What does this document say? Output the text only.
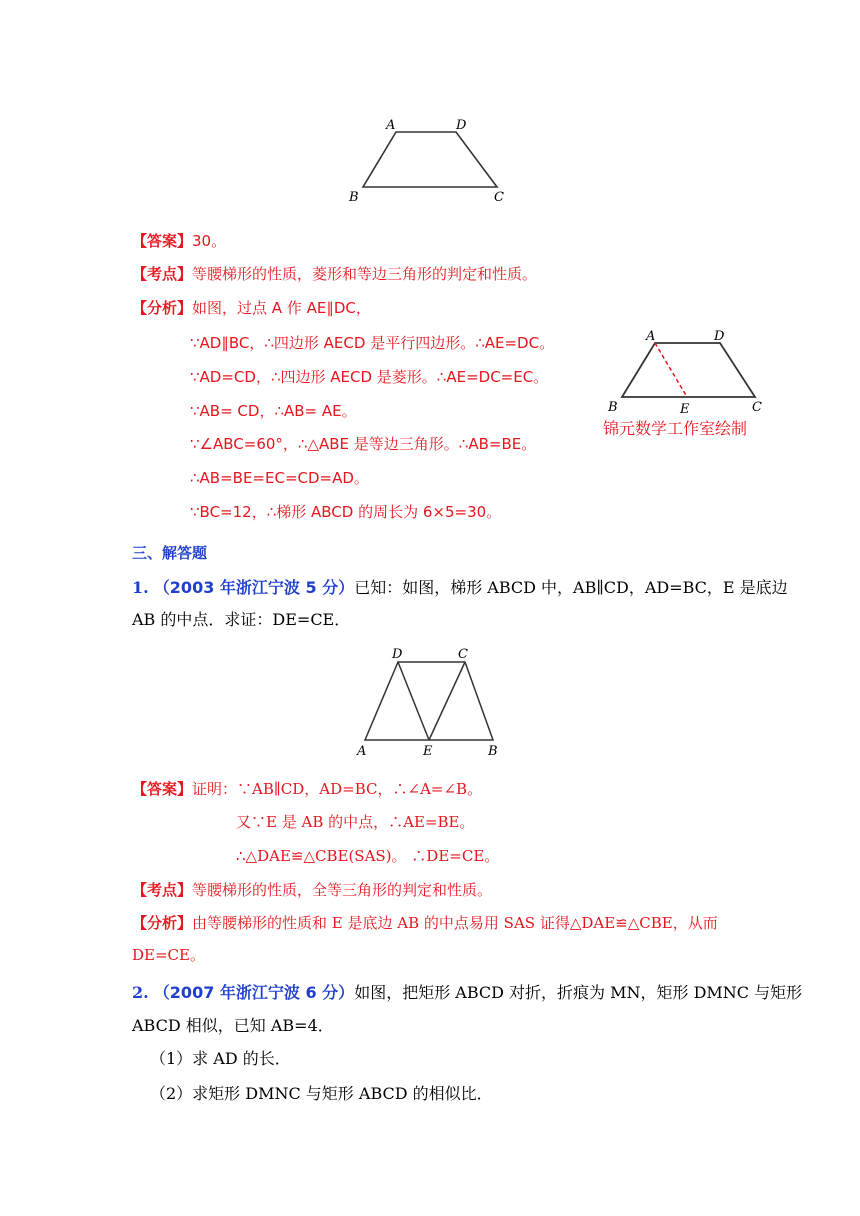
A	D
B	C
【答案】30。
【考点】等腰梯形的性质，菱形和等边三角形的判定和性质。
【分析】如图，过点 A 作 AE∥DC，
∵AD∥BC，∴四边形 AECD 是平行四边形。∴AE=DC。
∵AD=CD，∴四边形 AECD 是菱形。∴AE=DC=EC。
∵AB= CD，∴AB= AE。
∵∠ABC=60°，∴△ABE 是等边三角形。∴AB=BE。
∴AB=BE=EC=CD=AD。
∵BC=12，∴梯形 ABCD 的周长为 6×5=30。
A	D
B	E	C
锦元数学工作室绘制
三、解答题
1. （2003 年浙江宁波 5 分）已知：如图，梯形 ABCD 中，AB∥CD，AD=BC，E 是底边
AB 的中点．求证：DE=CE．
D	C
A	E	B
【答案】证明：∵AB∥CD，AD=BC，∴∠A=∠B。
又∵E 是 AB 的中点，∴AE=BE。
∴△DAE≌△CBE(SAS)。 ∴DE=CE。
【考点】等腰梯形的性质，全等三角形的判定和性质。
【分析】由等腰梯形的性质和 E 是底边 AB 的中点易用 SAS 证得△DAE≌△CBE，从而
DE=CE。
2. （2007 年浙江宁波 6 分）如图，把矩形 ABCD 对折，折痕为 MN，矩形 DMNC 与矩形
ABCD 相似，已知 AB=4．
（1）求 AD 的长．
（2）求矩形 DMNC 与矩形 ABCD 的相似比．
